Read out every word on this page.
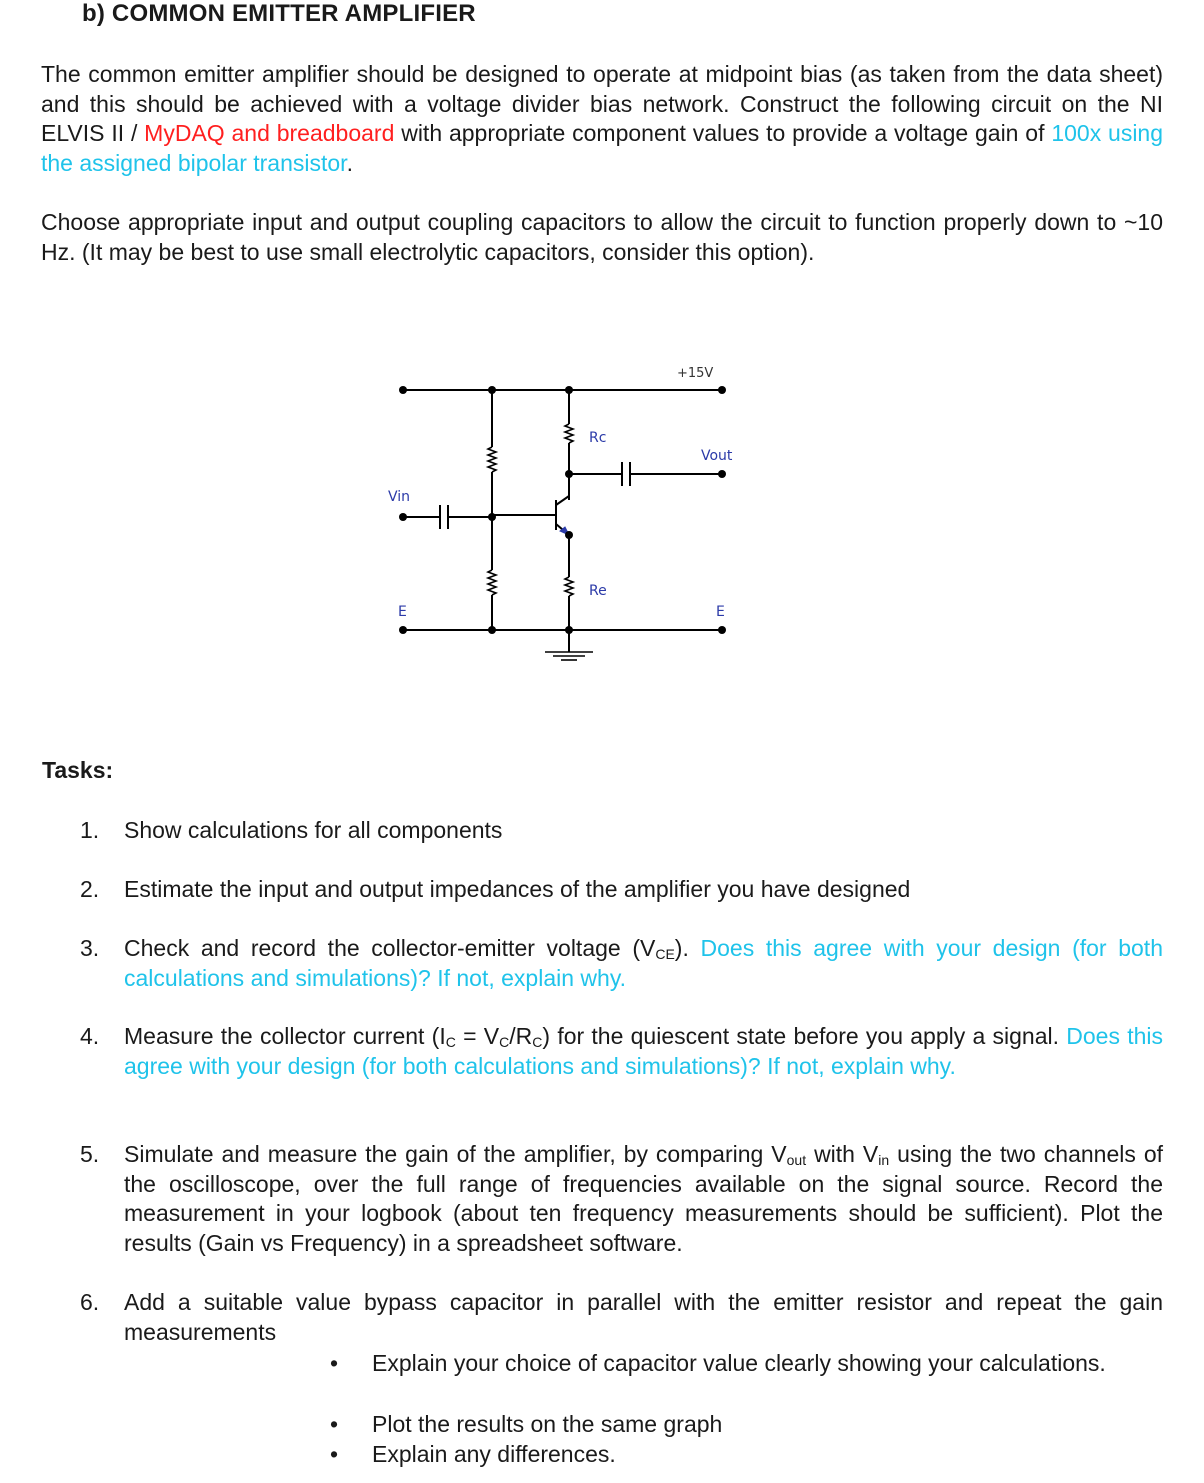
b) COMMON EMITTER AMPLIFIER
The common emitter amplifier should be designed to operate at midpoint bias (as taken from the data sheet) and this should be achieved with a voltage divider bias network. Construct the following circuit on the NI ELVIS II / MyDAQ and breadboard with appropriate component values to provide a voltage gain of 100x using the assigned bipolar transistor.
Choose appropriate input and output coupling capacitors to allow the circuit to function properly down to ~10 Hz. (It may be best to use small electrolytic capacitors, consider this option).
+15V
Rc
Vout
Vin
Re
E	E
Tasks:
1. Show calculations for all components
2. Estimate the input and output impedances of the amplifier you have designed
3. Check and record the collector-emitter voltage $(V_{CE})$. Does this agree with your design (for both calculations and simulations)? If not, explain why.
4. Measure the collector current $(I_C = V_C/R_C)$ for the quiescent state before you apply a signal. Does this agree with your design (for both calculations and simulations)? If not, explain why.
5. Simulate and measure the gain of the amplifier, by comparing $V_{out}$ with $V_{in}$ using the two channels of the oscilloscope, over the full range of frequencies available on the signal source. Record the measurement in your logbook (about ten frequency measurements should be sufficient). Plot the results (Gain vs Frequency) in a spreadsheet software.
6. Add a suitable value bypass capacitor in parallel with the emitter resistor and repeat the gain measurements
• Explain your choice of capacitor value clearly showing your calculations.
• Plot the results on the same graph
• Explain any differences.
